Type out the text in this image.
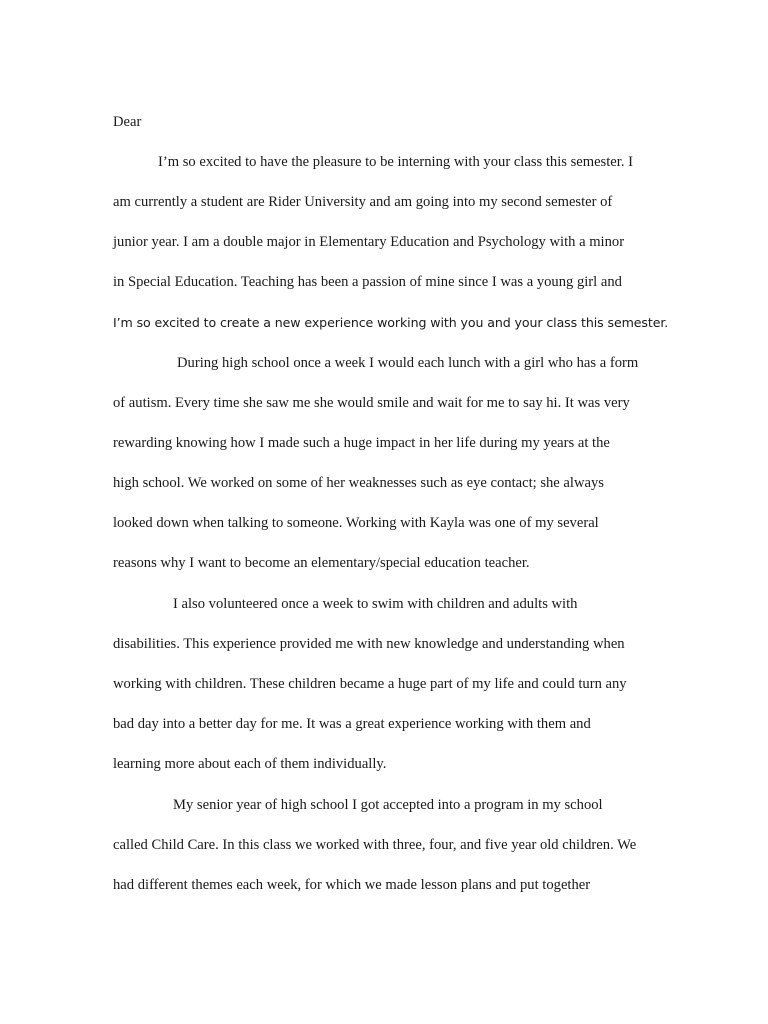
Dear
I’m so excited to have the pleasure to be interning with your class this semester. I
am currently a student are Rider University and am going into my second semester of
junior year. I am a double major in Elementary Education and Psychology with a minor
in Special Education. Teaching has been a passion of mine since I was a young girl and
I’m so excited to create a new experience working with you and your class this semester.
During high school once a week I would each lunch with a girl who has a form
of autism. Every time she saw me she would smile and wait for me to say hi. It was very
rewarding knowing how I made such a huge impact in her life during my years at the
high school. We worked on some of her weaknesses such as eye contact; she always
looked down when talking to someone. Working with Kayla was one of my several
reasons why I want to become an elementary/special education teacher.
I also volunteered once a week to swim with children and adults with
disabilities. This experience provided me with new knowledge and understanding when
working with children. These children became a huge part of my life and could turn any
bad day into a better day for me. It was a great experience working with them and
learning more about each of them individually.
My senior year of high school I got accepted into a program in my school
called Child Care. In this class we worked with three, four, and five year old children. We
had different themes each week, for which we made lesson plans and put together
